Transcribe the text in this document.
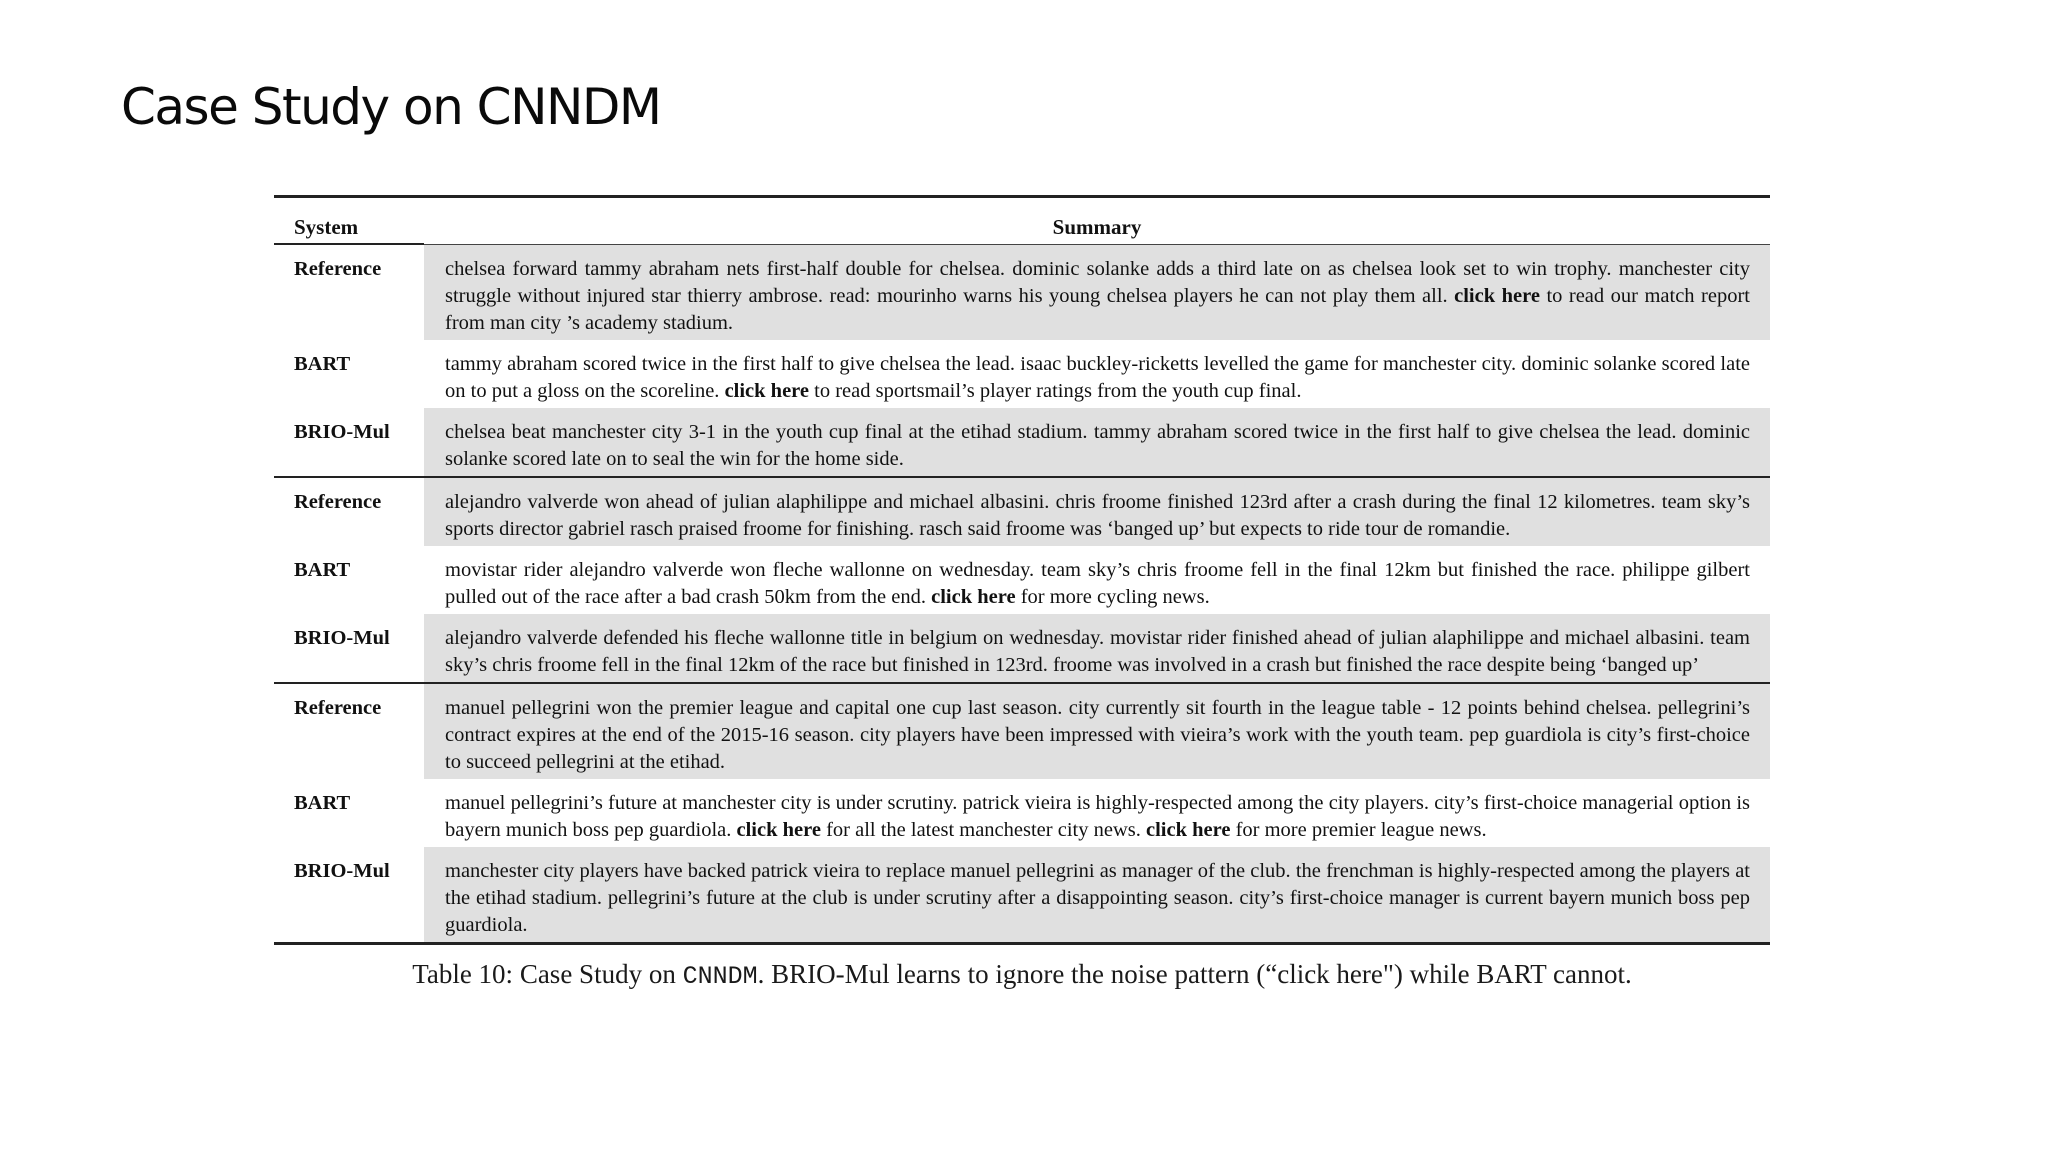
Case Study on CNNDM
System	Summary
Reference	chelsea forward tammy abraham nets first-half double for chelsea. dominic solanke adds a third late on as chelsea look set to win trophy. manchester city struggle without injured star thierry ambrose. read: mourinho warns his young chelsea players he can not play them all. click here to read our match report from man city ’s academy stadium.
BART	tammy abraham scored twice in the first half to give chelsea the lead. isaac buckley-ricketts levelled the game for manchester city. dominic solanke scored late on to put a gloss on the scoreline. click here to read sportsmail’s player ratings from the youth cup final.
BRIO-Mul	chelsea beat manchester city 3-1 in the youth cup final at the etihad stadium. tammy abraham scored twice in the first half to give chelsea the lead. dominic solanke scored late on to seal the win for the home side.
Reference	alejandro valverde won ahead of julian alaphilippe and michael albasini. chris froome finished 123rd after a crash during the final 12 kilometres. team sky’s sports director gabriel rasch praised froome for finishing. rasch said froome was ‘banged up’ but expects to ride tour de romandie.
BART	movistar rider alejandro valverde won fleche wallonne on wednesday. team sky’s chris froome fell in the final 12km but finished the race. philippe gilbert pulled out of the race after a bad crash 50km from the end. click here for more cycling news.
BRIO-Mul	alejandro valverde defended his fleche wallonne title in belgium on wednesday. movistar rider finished ahead of julian alaphilippe and michael albasini. team sky’s chris froome fell in the final 12km of the race but finished in 123rd. froome was involved in a crash but finished the race despite being ‘banged up’
Reference	manuel pellegrini won the premier league and capital one cup last season. city currently sit fourth in the league table - 12 points behind chelsea. pellegrini’s contract expires at the end of the 2015-16 season. city players have been impressed with vieira’s work with the youth team. pep guardiola is city’s first-choice to succeed pellegrini at the etihad.
BART	manuel pellegrini’s future at manchester city is under scrutiny. patrick vieira is highly-respected among the city players. city’s first-choice managerial option is bayern munich boss pep guardiola. click here for all the latest manchester city news. click here for more premier league news.
BRIO-Mul	manchester city players have backed patrick vieira to replace manuel pellegrini as manager of the club. the frenchman is highly-respected among the players at the etihad stadium. pellegrini’s future at the club is under scrutiny after a disappointing season. city’s first-choice manager is current bayern munich boss pep guardiola.
Table 10: Case Study on CNNDM. BRIO-Mul learns to ignore the noise pattern (“click here") while BART cannot.
